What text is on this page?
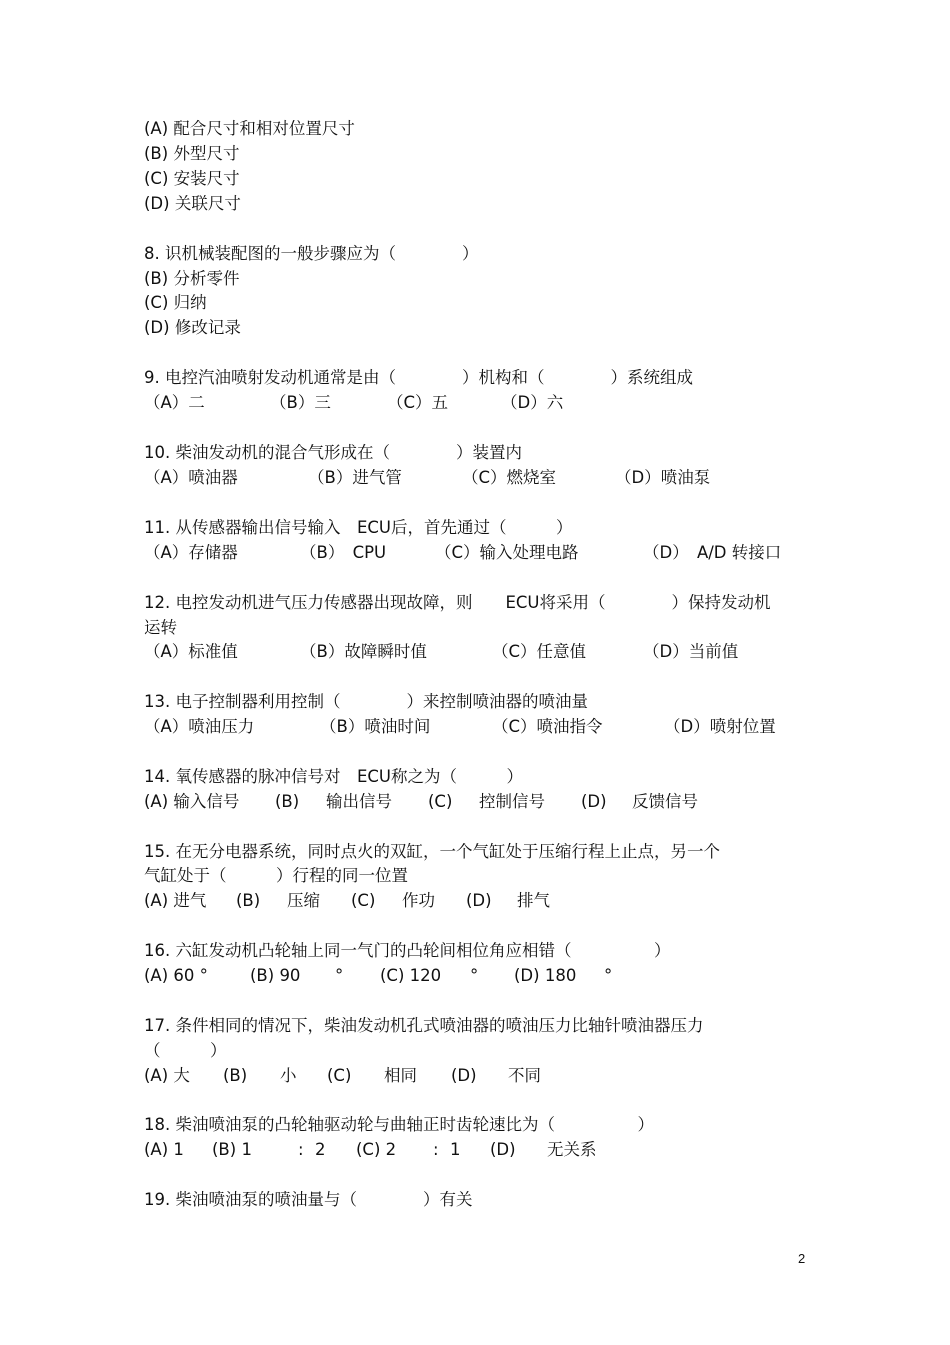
(A) 配合尺寸和相对位置尺寸
(B) 外型尺寸
(C) 安装尺寸
(D) 关联尺寸
8. 识机械装配图的一般步骤应为（　　　　）
(B) 分析零件
(C) 归纳
(D) 修改记录
9. 电控汽油喷射发动机通常是由（　　　　）机构和（　　　　）系统组成
（A）二	（B）三	（C）五	（D）六
10. 柴油发动机的混合气形成在（　　　　）装置内
（A）喷油器	（B）进气管	（C）燃烧室	（D）喷油泵
11. 从传感器输出信号输入　ECU后，首先通过（　　　）
（A）存储器	（B）　CPU	（C）输入处理电路	（D）　A/D 转接口
12. 电控发动机进气压力传感器出现故障，则　　ECU将采用（　　　　）保持发动机
运转
（A）标准值	（B）故障瞬时值	（C）任意值	（D）当前值
13. 电子控制器利用控制（　　　　）来控制喷油器的喷油量
（A）喷油压力	（B）喷油时间	（C）喷油指令	（D）喷射位置
14. 氧传感器的脉冲信号对　ECU称之为（　　　）
(A) 输入信号 (B) 输出信号 (C) 控制信号 (D) 反馈信号
15. 在无分电器系统，同时点火的双缸，一个气缸处于压缩行程上止点，另一个
气缸处于（　　　）行程的同一位置
(A) 进气 (B) 压缩 (C) 作功 (D) 排气
16. 六缸发动机凸轮轴上同一气门的凸轮间相位角应相错（　　　　　）
(A) 60 °	(B) 90 ° (C) 120 ° (D) 180 °
17. 条件相同的情况下，柴油发动机孔式喷油器的喷油压力比轴针喷油器压力
（　　　）
(A) 大 (B) 小 (C) 相同 (D) 不同
18. 柴油喷油泵的凸轮轴驱动轮与曲轴正时齿轮速比为（　　　　　）
(A) 1 (B) 1	: 2 (C) 2 : 1 (D) 无关系
19. 柴油喷油泵的喷油量与（　　　　）有关
2
